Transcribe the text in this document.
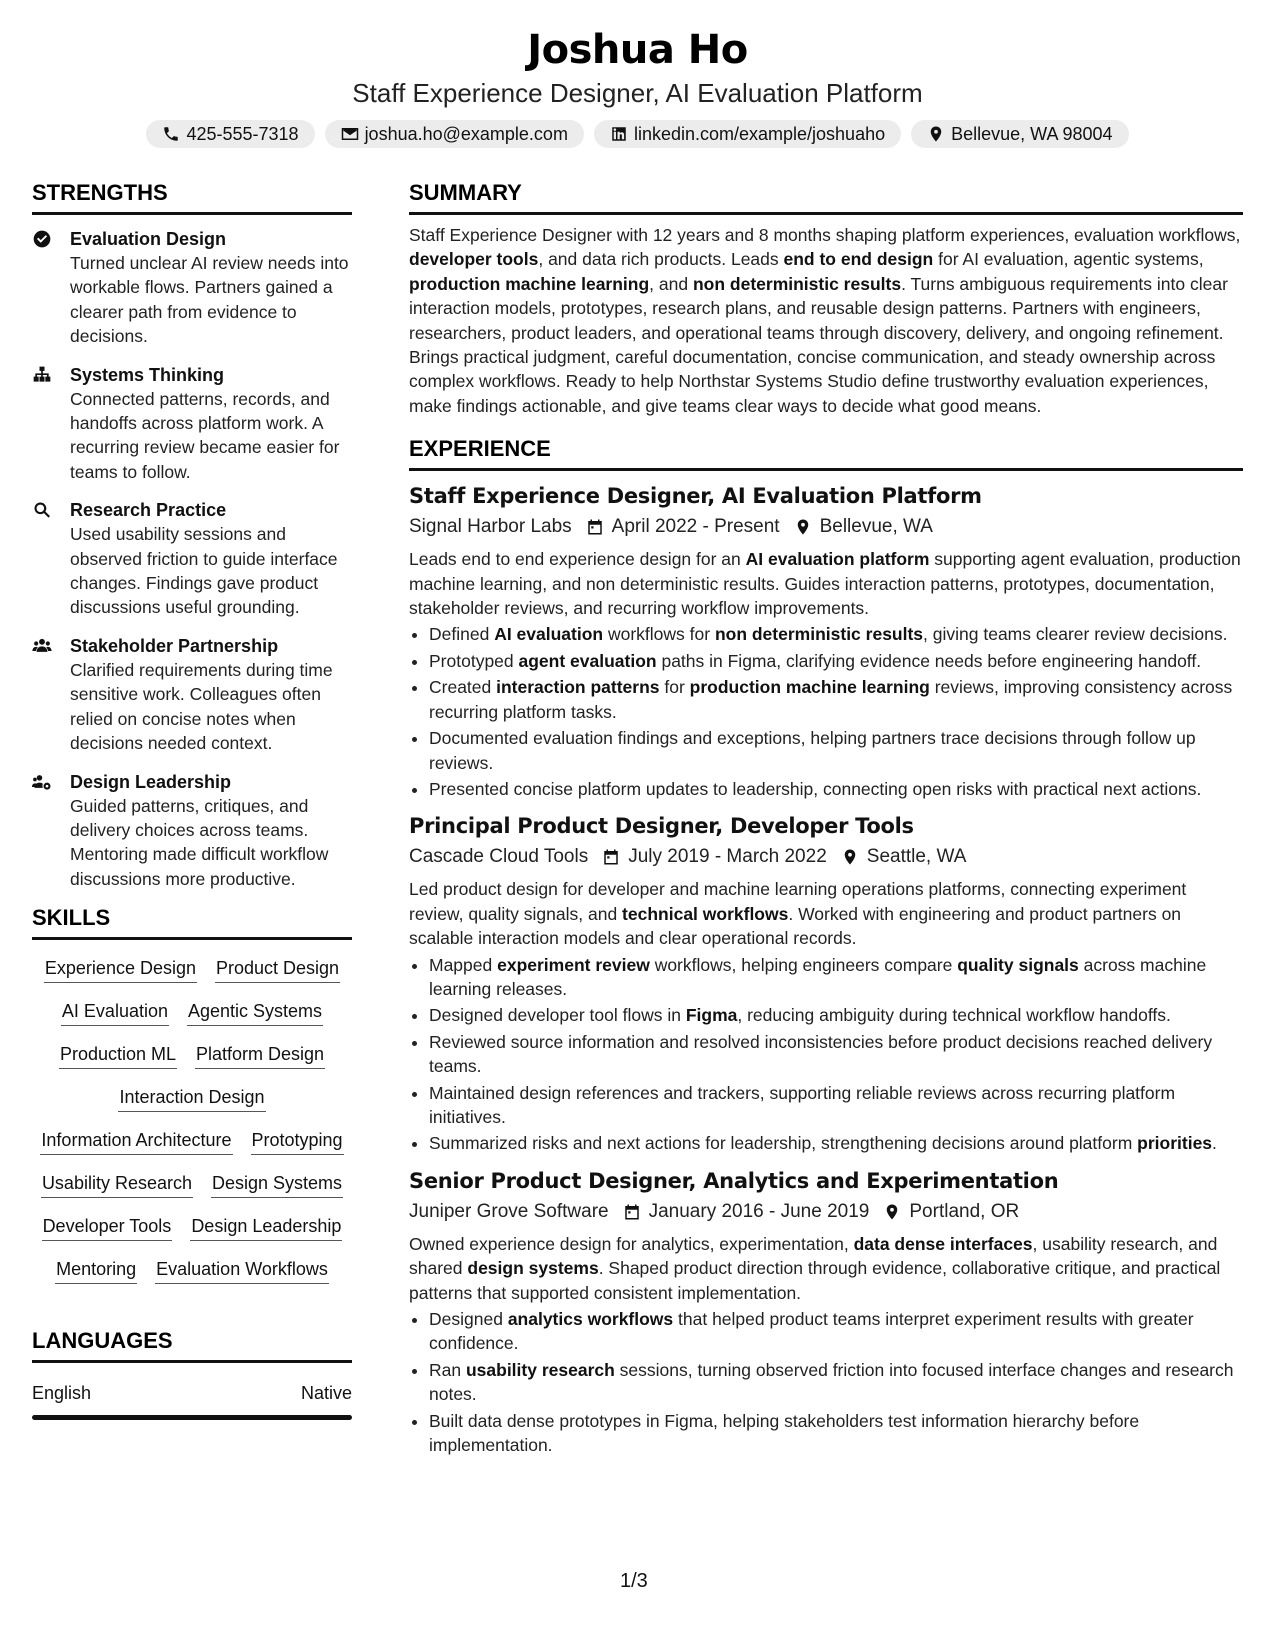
Joshua Ho
Staff Experience Designer, AI Evaluation Platform
425-555-7318	joshua.ho@example.com	linkedin.com/example/joshuaho	Bellevue, WA 98004
STRENGTHS
Evaluation Design

Turned unclear AI review needs into workable flows. Partners gained a clearer path from evidence to decisions.

Systems Thinking

Connected patterns, records, and handoffs across platform work. A recurring review became easier for teams to follow.

Research Practice

Used usability sessions and observed friction to guide interface changes. Findings gave product discussions useful grounding.

Stakeholder Partnership

Clarified requirements during time sensitive work. Colleagues often relied on concise notes when decisions needed context.

Design Leadership

Guided patterns, critiques, and delivery choices across teams. Mentoring made difficult workflow discussions more productive.

SKILLS
Experience Design Product Design
AI Evaluation Agentic Systems
Production ML Platform Design
Interaction Design
Information Architecture Prototyping
Usability Research Design Systems
Developer Tools Design Leadership
Mentoring Evaluation Workflows
LANGUAGES
English	Native
SUMMARY

Staff Experience Designer with 12 years and 8 months shaping platform experiences, evaluation workflows, developer tools, and data rich products. Leads end to end design for AI evaluation, agentic systems, production machine learning, and non deterministic results. Turns ambiguous requirements into clear interaction models, prototypes, research plans, and reusable design patterns. Partners with engineers, researchers, product leaders, and operational teams through discovery, delivery, and ongoing refinement. Brings practical judgment, careful documentation, concise communication, and steady ownership across complex workflows. Ready to help Northstar Systems Studio define trustworthy evaluation experiences, make findings actionable, and give teams clear ways to decide what good means.

EXPERIENCE
Staff Experience Designer, AI Evaluation Platform
Signal Harbor Labs April 2022 - Present Bellevue, WA

Leads end to end experience design for an AI evaluation platform supporting agent evaluation, production machine learning, and non deterministic results. Guides interaction patterns, prototypes, documentation, stakeholder reviews, and recurring workflow improvements.

• Defined AI evaluation workflows for non deterministic results, giving teams clearer review decisions.
• Prototyped agent evaluation paths in Figma, clarifying evidence needs before engineering handoff.
• Created interaction patterns for production machine learning reviews, improving consistency across recurring platform tasks.
• Documented evaluation findings and exceptions, helping partners trace decisions through follow up reviews.
• Presented concise platform updates to leadership, connecting open risks with practical next actions.
Principal Product Designer, Developer Tools
Cascade Cloud Tools July 2019 - March 2022 Seattle, WA

Led product design for developer and machine learning operations platforms, connecting experiment review, quality signals, and technical workflows. Worked with engineering and product partners on scalable interaction models and clear operational records.

• Mapped experiment review workflows, helping engineers compare quality signals across machine learning releases.
• Designed developer tool flows in Figma, reducing ambiguity during technical workflow handoffs.
• Reviewed source information and resolved inconsistencies before product decisions reached delivery teams.
• Maintained design references and trackers, supporting reliable reviews across recurring platform initiatives.
• Summarized risks and next actions for leadership, strengthening decisions around platform priorities.
Senior Product Designer, Analytics and Experimentation
Juniper Grove Software January 2016 - June 2019 Portland, OR

Owned experience design for analytics, experimentation, data dense interfaces, usability research, and shared design systems. Shaped product direction through evidence, collaborative critique, and practical patterns that supported consistent implementation.

• Designed analytics workflows that helped product teams interpret experiment results with greater confidence.
• Ran usability research sessions, turning observed friction into focused interface changes and research notes.
• Built data dense prototypes in Figma, helping stakeholders test information hierarchy before implementation.
1/3
